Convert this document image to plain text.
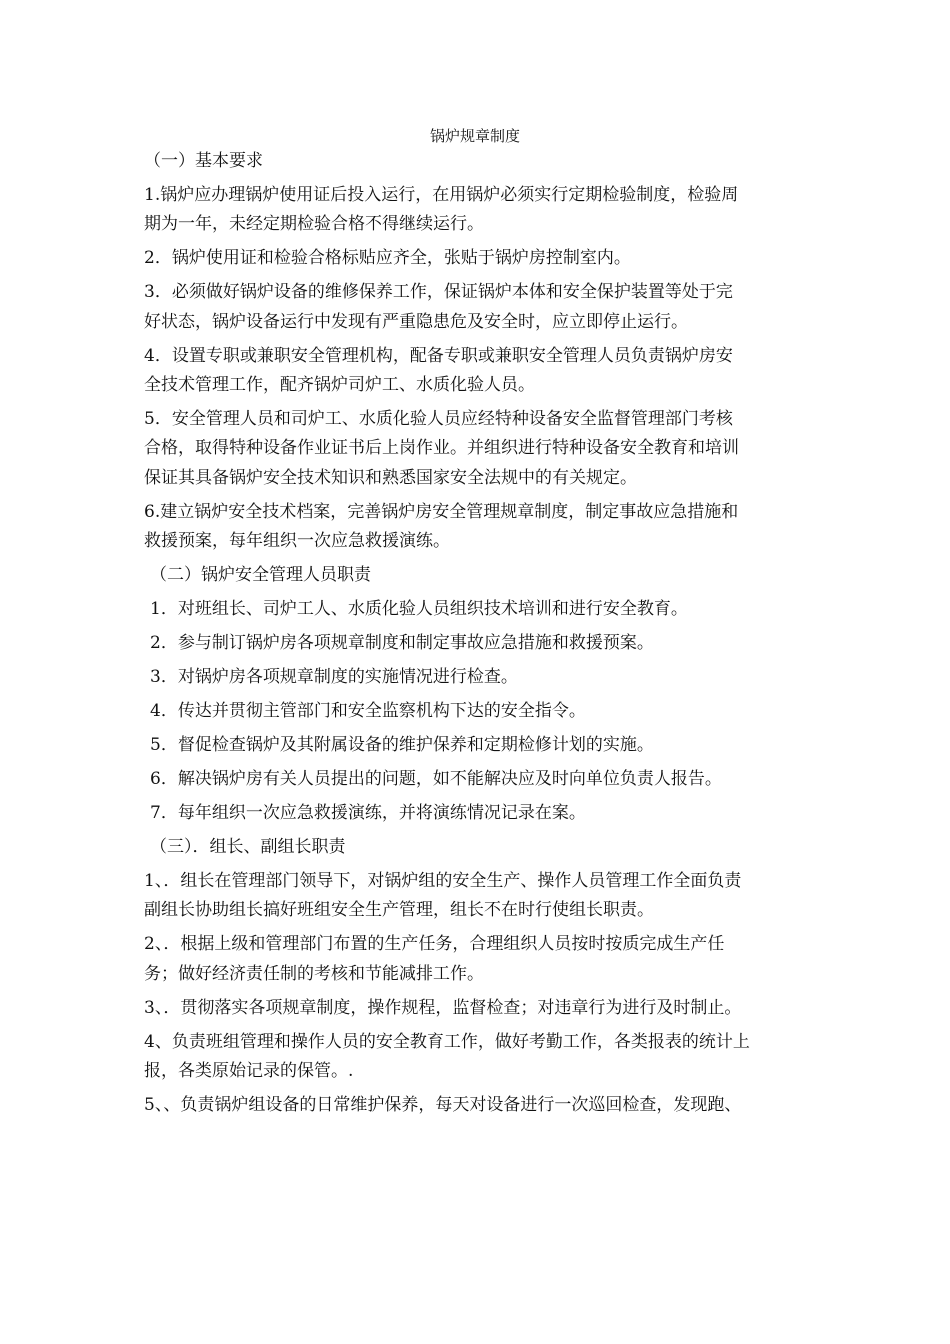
锅炉规章制度
（一）基本要求
1.锅炉应办理锅炉使用证后投入运行，在用锅炉必须实行定期检验制度，检验周
期为一年，未经定期检验合格不得继续运行。
2．锅炉使用证和检验合格标贴应齐全，张贴于锅炉房控制室内。
3．必须做好锅炉设备的维修保养工作，保证锅炉本体和安全保护装置等处于完
好状态，锅炉设备运行中发现有严重隐患危及安全时，应立即停止运行。
4．设置专职或兼职安全管理机构，配备专职或兼职安全管理人员负责锅炉房安
全技术管理工作，配齐锅炉司炉工、水质化验人员。
5．安全管理人员和司炉工、水质化验人员应经特种设备安全监督管理部门考核
合格，取得特种设备作业证书后上岗作业。并组织进行特种设备安全教育和培训
保证其具备锅炉安全技术知识和熟悉国家安全法规中的有关规定。
6.建立锅炉安全技术档案，完善锅炉房安全管理规章制度，制定事故应急措施和
救援预案，每年组织一次应急救援演练。
（二）锅炉安全管理人员职责
1．对班组长、司炉工人、水质化验人员组织技术培训和进行安全教育。
2．参与制订锅炉房各项规章制度和制定事故应急措施和救援预案。
3．对锅炉房各项规章制度的实施情况进行检查。
4．传达并贯彻主管部门和安全监察机构下达的安全指令。
5．督促检查锅炉及其附属设备的维护保养和定期检修计划的实施。
6．解决锅炉房有关人员提出的问题，如不能解决应及时向单位负责人报告。
7．每年组织一次应急救援演练，并将演练情况记录在案。
（三）．组长、副组长职责
1、．组长在管理部门领导下，对锅炉组的安全生产、操作人员管理工作全面负责
副组长协助组长搞好班组安全生产管理，组长不在时行使组长职责。
2、．根据上级和管理部门布置的生产任务，合理组织人员按时按质完成生产任
务；做好经济责任制的考核和节能减排工作。
3、．贯彻落实各项规章制度，操作规程，监督检查；对违章行为进行及时制止。
4、负责班组管理和操作人员的安全教育工作，做好考勤工作，各类报表的统计上
报，各类原始记录的保管。.
5、、负责锅炉组设备的日常维护保养，每天对设备进行一次巡回检查，发现跑、
